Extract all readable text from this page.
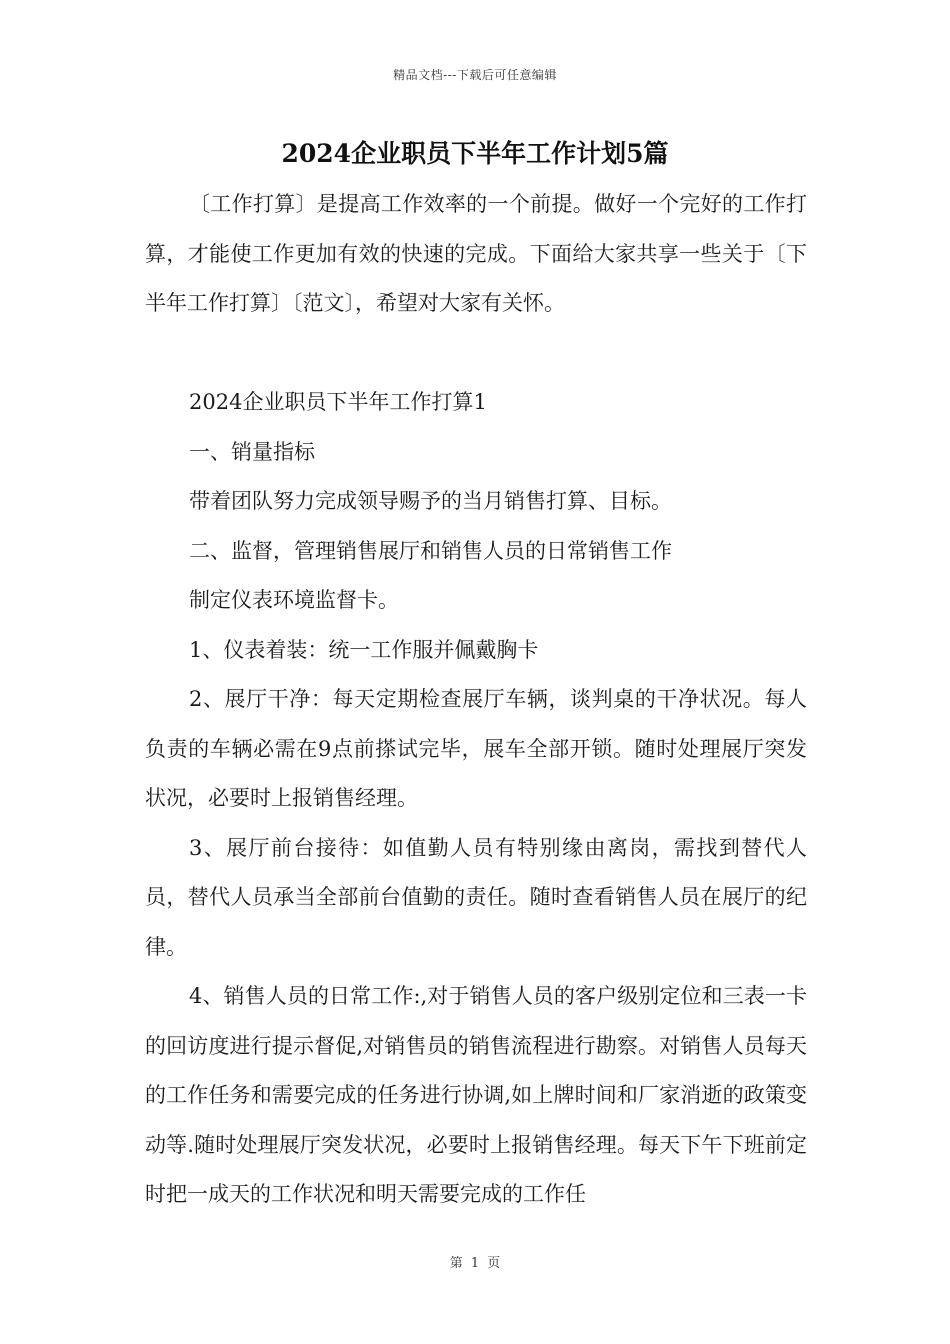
精品文档---下载后可任意编辑
2024企业职员下半年工作计划5篇

〔工作打算〕是提高工作效率的一个前提。做好一个完好的工作打算，才能使工作更加有效的快速的完成。下面给大家共享一些关于〔下半年工作打算〕〔范文〕，希望对大家有关怀。

2024企业职员下半年工作打算1

一、销量指标

带着团队努力完成领导赐予的当月销售打算、目标。

二、监督，管理销售展厅和销售人员的日常销售工作

制定仪表环境监督卡。

1、仪表着装：统一工作服并佩戴胸卡

2、展厅干净：每天定期检查展厅车辆，谈判桌的干净状况。每人负责的车辆必需在9点前搽试完毕，展车全部开锁。随时处理展厅突发状况，必要时上报销售经理。

3、展厅前台接待：如值勤人员有特别缘由离岗，需找到替代人员，替代人员承当全部前台值勤的责任。随时查看销售人员在展厅的纪律。

4、销售人员的日常工作:,对于销售人员的客户级别定位和三表一卡的回访度进行提示督促,对销售员的销售流程进行勘察。对销售人员每天的工作任务和需要完成的任务进行协调,如上牌时间和厂家消逝的政策变动等.随时处理展厅突发状况，必要时上报销售经理。每天下午下班前定时把一成天的工作状况和明天需要完成的工作任

第 1 页
